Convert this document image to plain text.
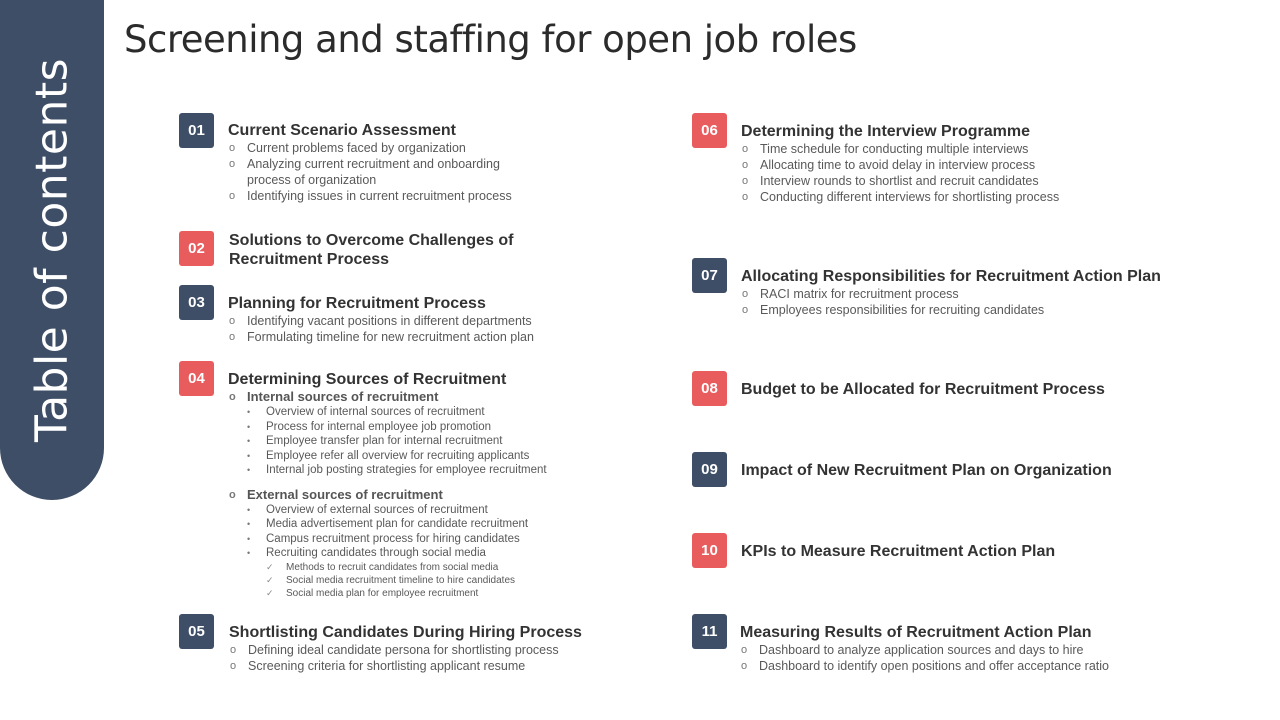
Table of contents
Screening and staffing for open job roles
01	Current Scenario Assessment
o Current problems faced by organization
o Analyzing current recruitment and onboarding process of organization
o Identifying issues in current recruitment process
02	Solutions to Overcome Challenges of Recruitment Process
03	Planning for Recruitment Process
o Identifying vacant positions in different departments
o Formulating timeline for new recruitment action plan
04	Determining Sources of Recruitment
o Internal sources of recruitment
• Overview of internal sources of recruitment
• Process for internal employee job promotion
• Employee transfer plan for internal recruitment
• Employee refer all overview for recruiting applicants
• Internal job posting strategies for employee recruitment
o External sources of recruitment
• Overview of external sources of recruitment
• Media advertisement plan for candidate recruitment
• Campus recruitment process for hiring candidates
• Recruiting candidates through social media
✓ Methods to recruit candidates from social media
✓ Social media recruitment timeline to hire candidates
✓ Social media plan for employee recruitment
05	Shortlisting Candidates During Hiring Process
o Defining ideal candidate persona for shortlisting process
o Screening criteria for shortlisting applicant resume
06	Determining the Interview Programme
o Time schedule for conducting multiple interviews
o Allocating time to avoid delay in interview process
o Interview rounds to shortlist and recruit candidates
o Conducting different interviews for shortlisting process
07	Allocating Responsibilities for Recruitment Action Plan
o RACI matrix for recruitment process
o Employees responsibilities for recruiting candidates
08	Budget to be Allocated for Recruitment Process
09	Impact of New Recruitment Plan on Organization
10	KPIs to Measure Recruitment Action Plan
11	Measuring Results of Recruitment Action Plan
o Dashboard to analyze application sources and days to hire
o Dashboard to identify open positions and offer acceptance ratio
